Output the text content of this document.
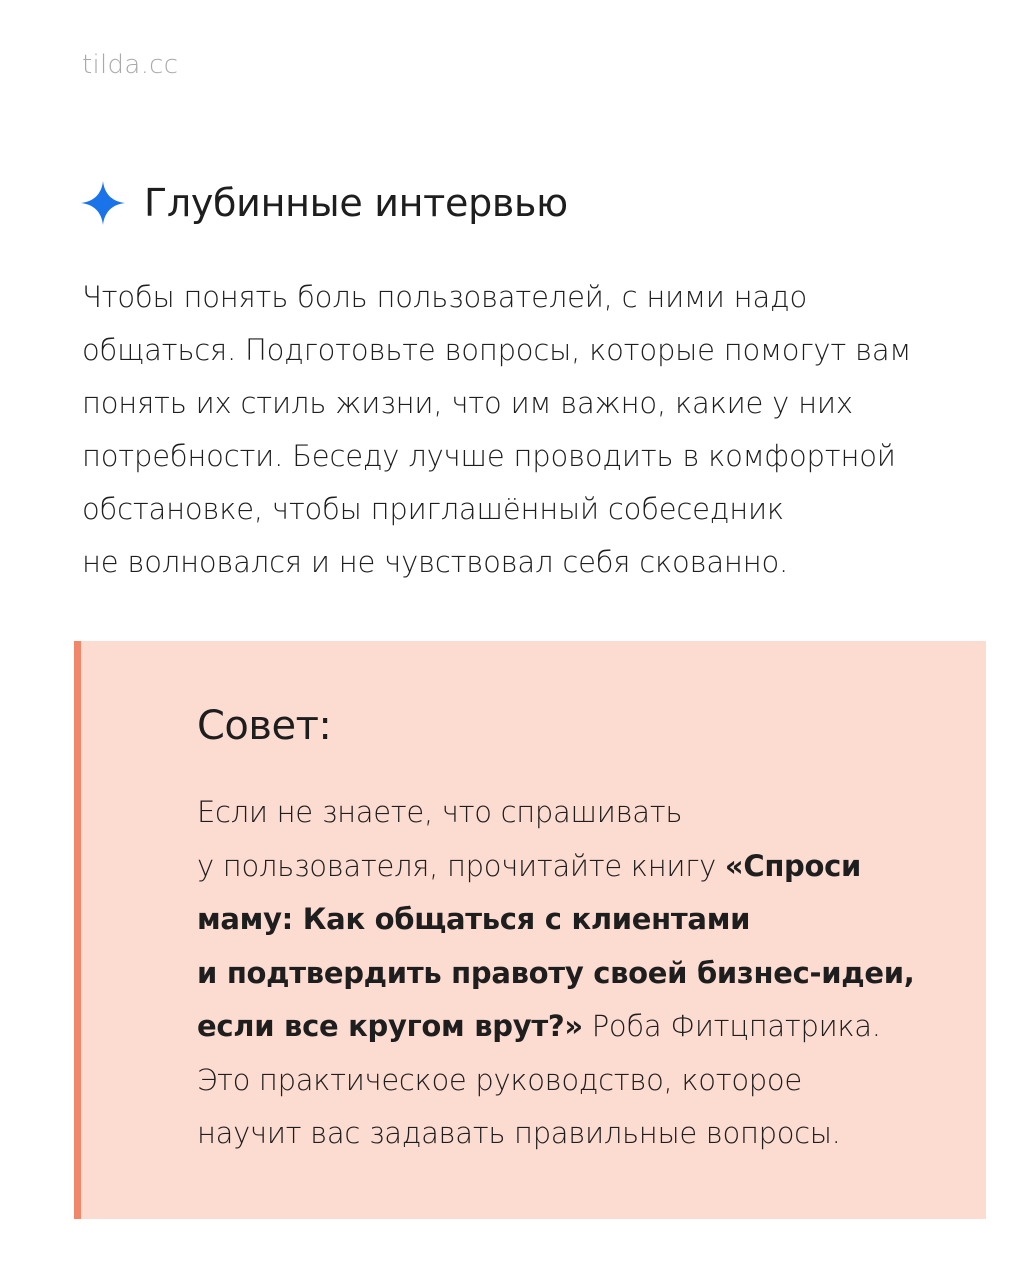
tilda.cc
Глубинные интервью
Чтобы понять боль пользователей, с ними надо
общаться. Подготовьте вопросы, которые помогут вам
понять их стиль жизни, что им важно, какие у них
потребности. Беседу лучше проводить в комфортной
обстановке, чтобы приглашённый собеседник
не волновался и не чувствовал себя скованно.
Совет:
Если не знаете, что спрашивать
у пользователя, прочитайте книгу «Спроси
маму: Как общаться с клиентами
и подтвердить правоту своей бизнес-идеи,
если все кругом врут?» Роба Фитцпатрика.
Это практическое руководство, которое
научит вас задавать правильные вопросы.
